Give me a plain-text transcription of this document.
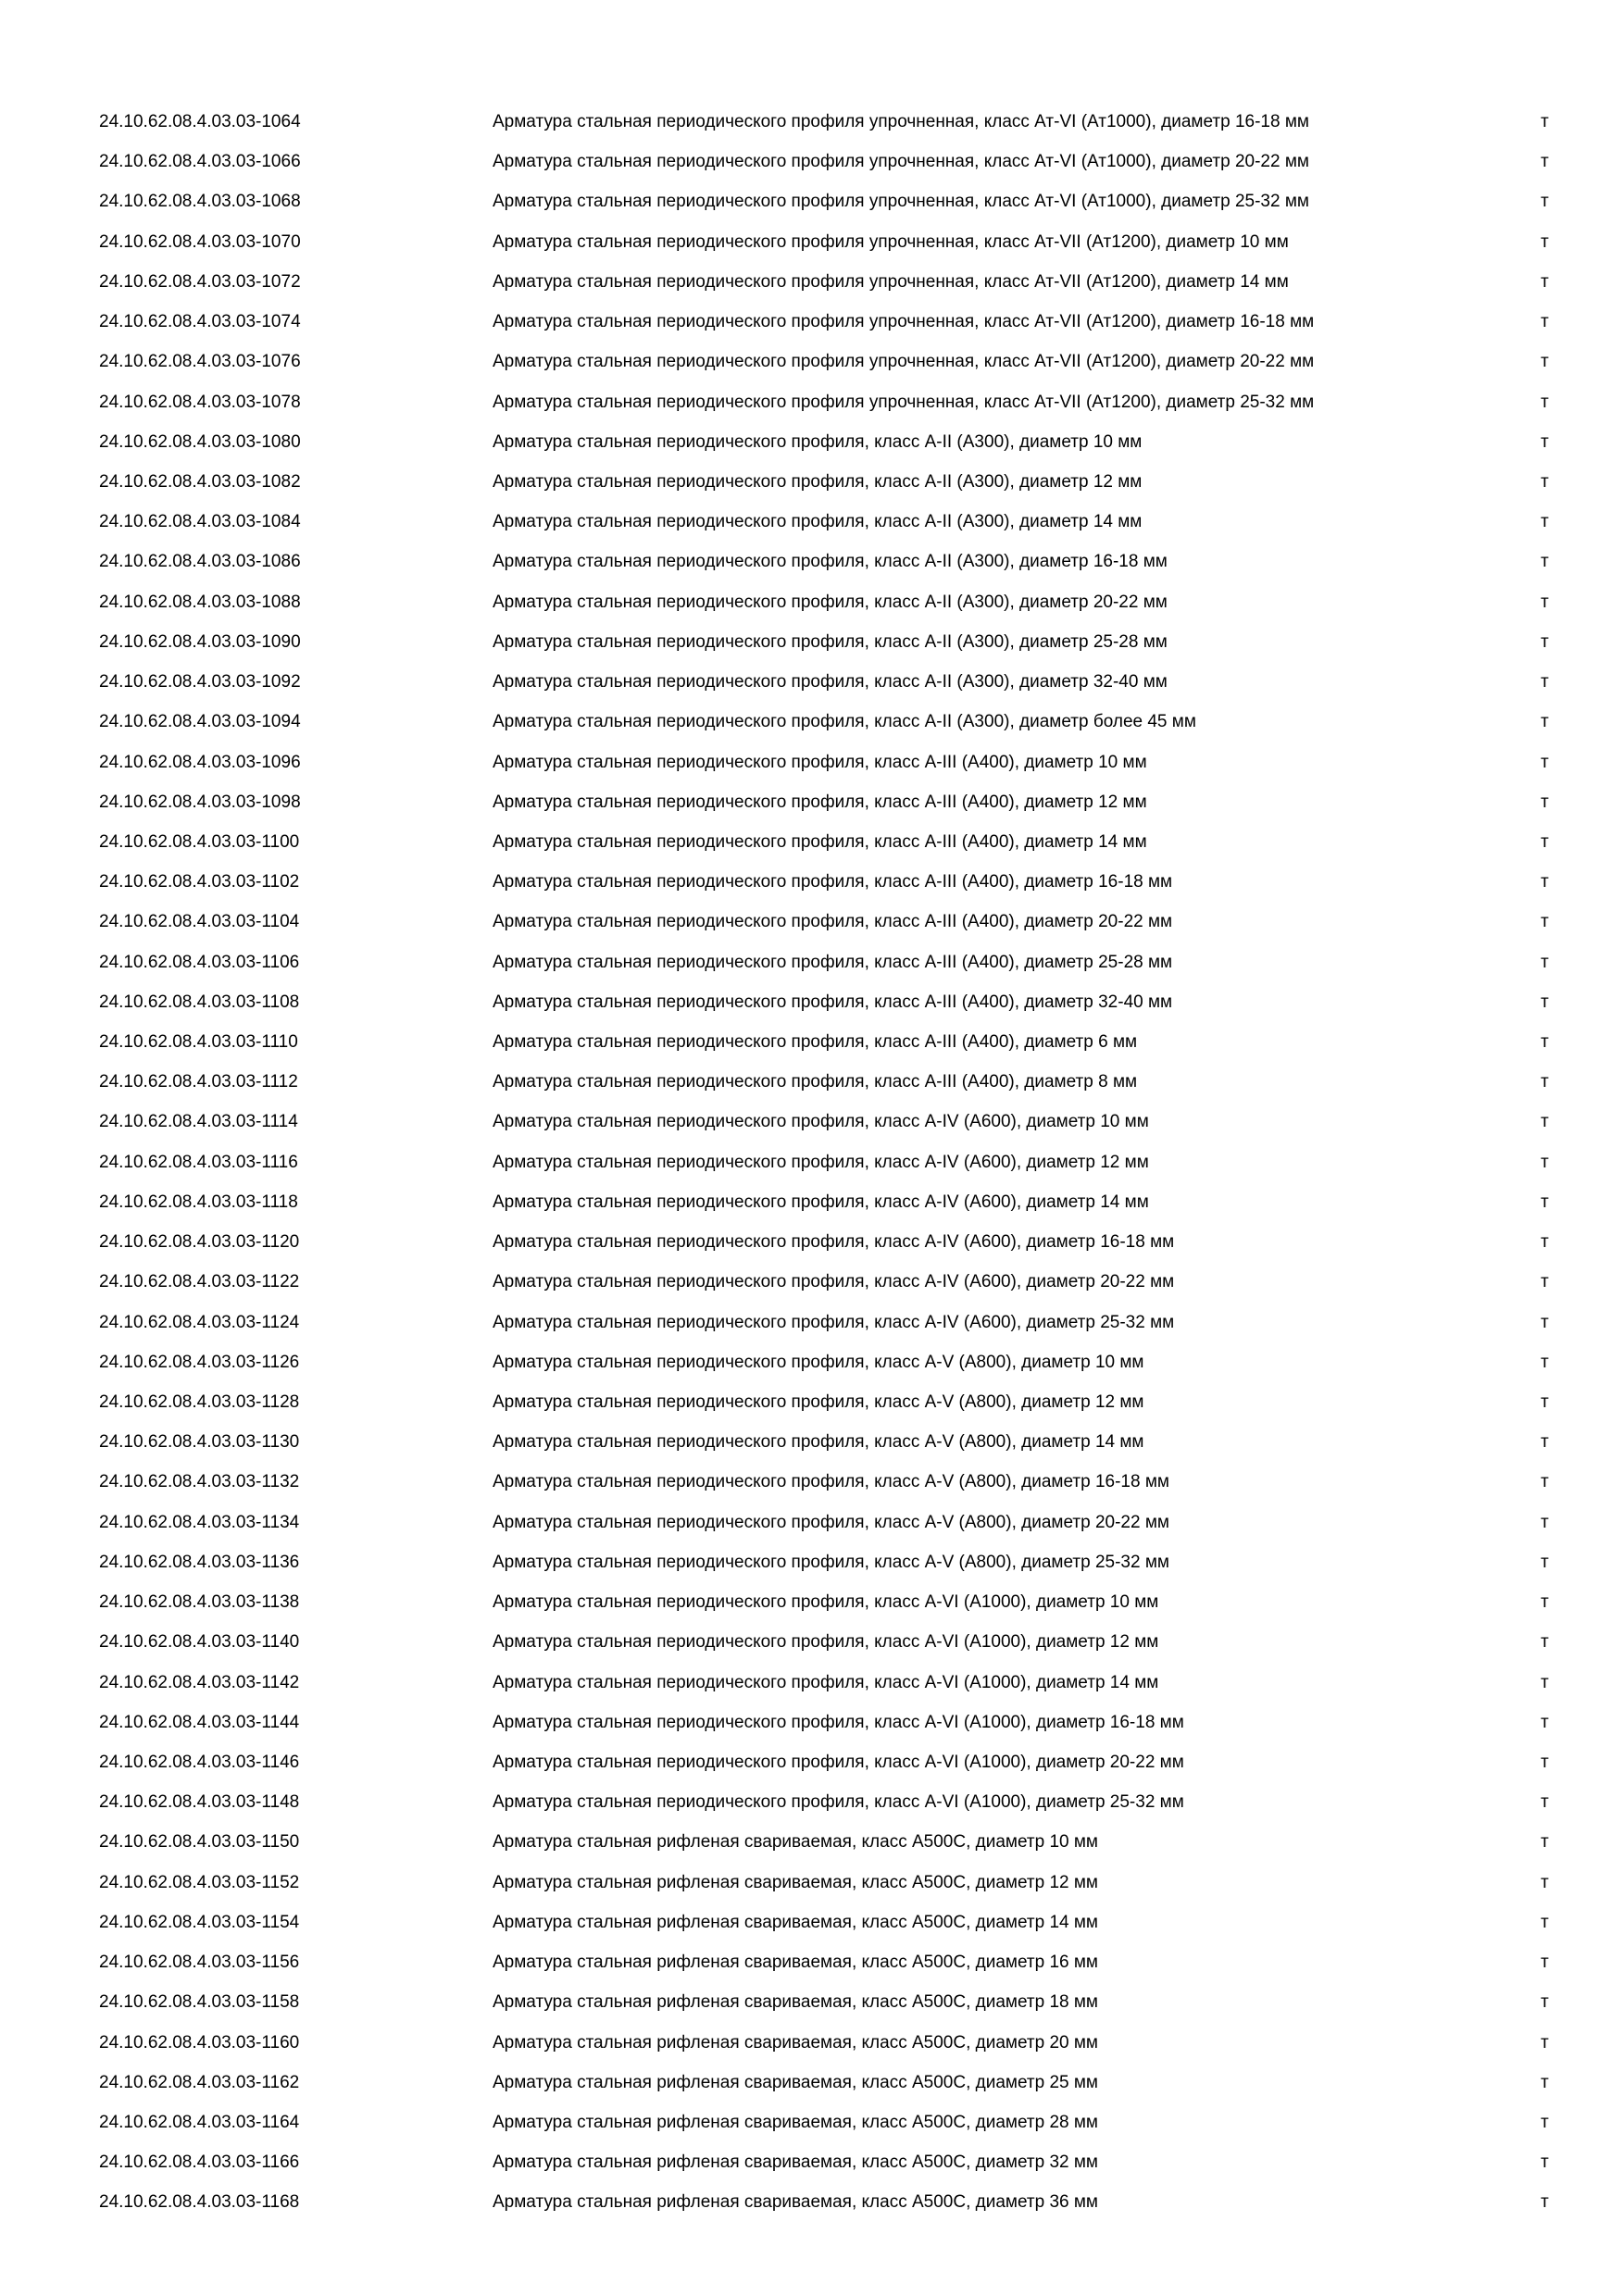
24.10.62.08.4.03.03-1064	Арматура стальная периодического профиля упрочненная, класс Ат-VI (Ат1000), диаметр 16-18 мм	т
24.10.62.08.4.03.03-1066	Арматура стальная периодического профиля упрочненная, класс Ат-VI (Ат1000), диаметр 20-22 мм	т
24.10.62.08.4.03.03-1068	Арматура стальная периодического профиля упрочненная, класс Ат-VI (Ат1000), диаметр 25-32 мм	т
24.10.62.08.4.03.03-1070	Арматура стальная периодического профиля упрочненная, класс Ат-VII (Ат1200), диаметр 10 мм	т
24.10.62.08.4.03.03-1072	Арматура стальная периодического профиля упрочненная, класс Ат-VII (Ат1200), диаметр 14 мм	т
24.10.62.08.4.03.03-1074	Арматура стальная периодического профиля упрочненная, класс Ат-VII (Ат1200), диаметр 16-18 мм	т
24.10.62.08.4.03.03-1076	Арматура стальная периодического профиля упрочненная, класс Ат-VII (Ат1200), диаметр 20-22 мм	т
24.10.62.08.4.03.03-1078	Арматура стальная периодического профиля упрочненная, класс Ат-VII (Ат1200), диаметр 25-32 мм	т
24.10.62.08.4.03.03-1080	Арматура стальная периодического профиля, класс А-II (А300), диаметр 10 мм	т
24.10.62.08.4.03.03-1082	Арматура стальная периодического профиля, класс А-II (А300), диаметр 12 мм	т
24.10.62.08.4.03.03-1084	Арматура стальная периодического профиля, класс А-II (А300), диаметр 14 мм	т
24.10.62.08.4.03.03-1086	Арматура стальная периодического профиля, класс А-II (А300), диаметр 16-18 мм	т
24.10.62.08.4.03.03-1088	Арматура стальная периодического профиля, класс А-II (А300), диаметр 20-22 мм	т
24.10.62.08.4.03.03-1090	Арматура стальная периодического профиля, класс А-II (А300), диаметр 25-28 мм	т
24.10.62.08.4.03.03-1092	Арматура стальная периодического профиля, класс А-II (А300), диаметр 32-40 мм	т
24.10.62.08.4.03.03-1094	Арматура стальная периодического профиля, класс А-II (А300), диаметр более 45 мм	т
24.10.62.08.4.03.03-1096	Арматура стальная периодического профиля, класс А-III (А400), диаметр 10 мм	т
24.10.62.08.4.03.03-1098	Арматура стальная периодического профиля, класс А-III (А400), диаметр 12 мм	т
24.10.62.08.4.03.03-1100	Арматура стальная периодического профиля, класс А-III (А400), диаметр 14 мм	т
24.10.62.08.4.03.03-1102	Арматура стальная периодического профиля, класс А-III (А400), диаметр 16-18 мм	т
24.10.62.08.4.03.03-1104	Арматура стальная периодического профиля, класс А-III (А400), диаметр 20-22 мм	т
24.10.62.08.4.03.03-1106	Арматура стальная периодического профиля, класс А-III (А400), диаметр 25-28 мм	т
24.10.62.08.4.03.03-1108	Арматура стальная периодического профиля, класс А-III (А400), диаметр 32-40 мм	т
24.10.62.08.4.03.03-1110	Арматура стальная периодического профиля, класс А-III (А400), диаметр 6 мм	т
24.10.62.08.4.03.03-1112	Арматура стальная периодического профиля, класс А-III (А400), диаметр 8 мм	т
24.10.62.08.4.03.03-1114	Арматура стальная периодического профиля, класс А-IV (А600), диаметр 10 мм	т
24.10.62.08.4.03.03-1116	Арматура стальная периодического профиля, класс А-IV (А600), диаметр 12 мм	т
24.10.62.08.4.03.03-1118	Арматура стальная периодического профиля, класс А-IV (А600), диаметр 14 мм	т
24.10.62.08.4.03.03-1120	Арматура стальная периодического профиля, класс А-IV (А600), диаметр 16-18 мм	т
24.10.62.08.4.03.03-1122	Арматура стальная периодического профиля, класс А-IV (А600), диаметр 20-22 мм	т
24.10.62.08.4.03.03-1124	Арматура стальная периодического профиля, класс А-IV (А600), диаметр 25-32 мм	т
24.10.62.08.4.03.03-1126	Арматура стальная периодического профиля, класс А-V (А800), диаметр 10 мм	т
24.10.62.08.4.03.03-1128	Арматура стальная периодического профиля, класс А-V (А800), диаметр 12 мм	т
24.10.62.08.4.03.03-1130	Арматура стальная периодического профиля, класс А-V (А800), диаметр 14 мм	т
24.10.62.08.4.03.03-1132	Арматура стальная периодического профиля, класс А-V (А800), диаметр 16-18 мм	т
24.10.62.08.4.03.03-1134	Арматура стальная периодического профиля, класс А-V (А800), диаметр 20-22 мм	т
24.10.62.08.4.03.03-1136	Арматура стальная периодического профиля, класс А-V (А800), диаметр 25-32 мм	т
24.10.62.08.4.03.03-1138	Арматура стальная периодического профиля, класс А-VI (А1000), диаметр 10 мм	т
24.10.62.08.4.03.03-1140	Арматура стальная периодического профиля, класс А-VI (А1000), диаметр 12 мм	т
24.10.62.08.4.03.03-1142	Арматура стальная периодического профиля, класс А-VI (А1000), диаметр 14 мм	т
24.10.62.08.4.03.03-1144	Арматура стальная периодического профиля, класс А-VI (А1000), диаметр 16-18 мм	т
24.10.62.08.4.03.03-1146	Арматура стальная периодического профиля, класс А-VI (А1000), диаметр 20-22 мм	т
24.10.62.08.4.03.03-1148	Арматура стальная периодического профиля, класс А-VI (А1000), диаметр 25-32 мм	т
24.10.62.08.4.03.03-1150	Арматура стальная рифленая свариваемая, класс А500С, диаметр 10 мм	т
24.10.62.08.4.03.03-1152	Арматура стальная рифленая свариваемая, класс А500С, диаметр 12 мм	т
24.10.62.08.4.03.03-1154	Арматура стальная рифленая свариваемая, класс А500С, диаметр 14 мм	т
24.10.62.08.4.03.03-1156	Арматура стальная рифленая свариваемая, класс А500С, диаметр 16 мм	т
24.10.62.08.4.03.03-1158	Арматура стальная рифленая свариваемая, класс А500С, диаметр 18 мм	т
24.10.62.08.4.03.03-1160	Арматура стальная рифленая свариваемая, класс А500С, диаметр 20 мм	т
24.10.62.08.4.03.03-1162	Арматура стальная рифленая свариваемая, класс А500С, диаметр 25 мм	т
24.10.62.08.4.03.03-1164	Арматура стальная рифленая свариваемая, класс А500С, диаметр 28 мм	т
24.10.62.08.4.03.03-1166	Арматура стальная рифленая свариваемая, класс А500С, диаметр 32 мм	т
24.10.62.08.4.03.03-1168	Арматура стальная рифленая свариваемая, класс А500С, диаметр 36 мм	т
